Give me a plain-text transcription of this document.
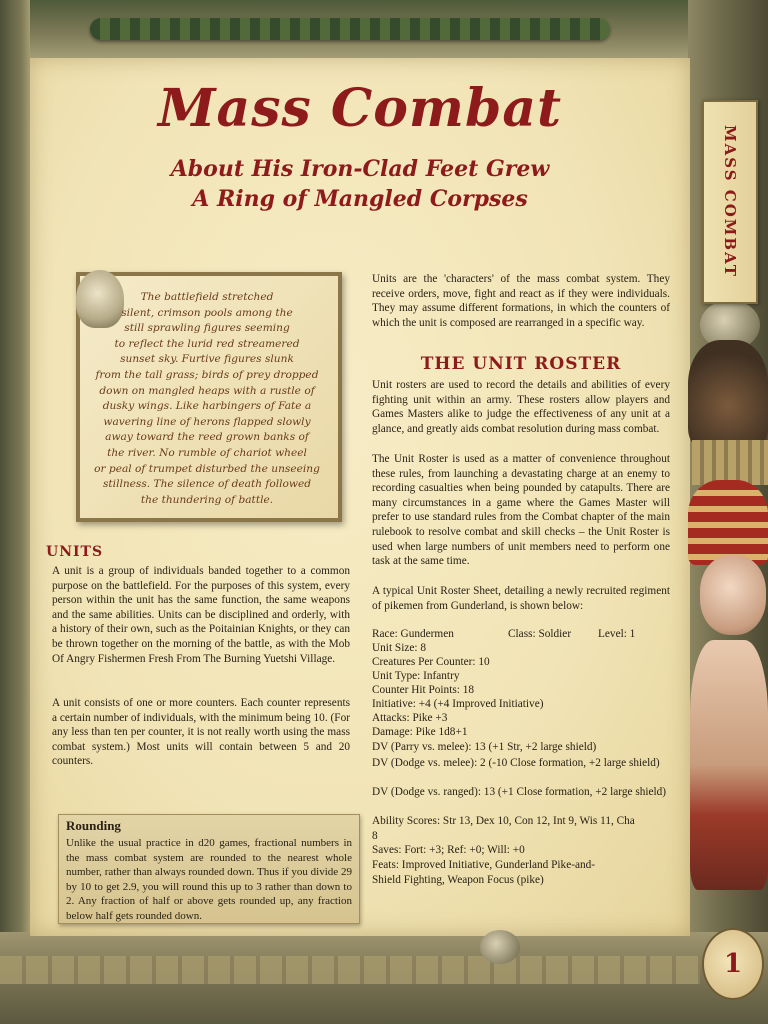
MASS COMBAT
1
Mass Combat
About His Iron-Clad Feet Grew
A Ring of Mangled Corpses
The battlefield stretched
silent, crimson pools among the
still sprawling figures seeming
to reflect the lurid red streamered
sunset sky. Furtive figures slunk
from the tall grass; birds of prey dropped
down on mangled heaps with a rustle of
dusky wings. Like harbingers of Fate a
wavering line of herons flapped slowly
away toward the reed grown banks of
the river. No rumble of chariot wheel
or peal of trumpet disturbed the unseeing
stillness. The silence of death followed
the thundering of battle.
UNITS
A unit is a group of individuals banded together to a common purpose on the battlefield. For the purposes of this system, every person within the unit has the same function, the same weapons and the same abilities. Units can be disciplined and orderly, with a history of their own, such as the Poitainian Knights, or they can be thrown together on the morning of the battle, as with the Mob Of Angry Fishermen Fresh From The Burning Yuetshi Village.
A unit consists of one or more counters. Each counter represents a certain number of individuals, with the minimum being 10. (For any less than ten per counter, it is not really worth using the mass combat system.) Most units will contain between 5 and 20 counters.
Rounding
Unlike the usual practice in d20 games, fractional numbers in the mass combat system are rounded to the nearest whole number, rather than always rounded down. Thus if you divide 29 by 10 to get 2.9, you will round this up to 3 rather than down to 2. Any fraction of half or above gets rounded up, any fraction below half gets rounded down.
Units are the 'characters' of the mass combat system. They receive orders, move, fight and react as if they were individuals. They may assume different formations, in which the counters of which the unit is composed are rearranged in a specific way.
THE UNIT ROSTER
Unit rosters are used to record the details and abilities of every fighting unit within an army. These rosters allow players and Games Masters alike to judge the effectiveness of any unit at a glance, and greatly aids combat resolution during mass combat.
The Unit Roster is used as a matter of convenience throughout these rules, from launching a devastating charge at an enemy to recording casualties when being pounded by catapults. There are many circumstances in a game where the Games Master will prefer to use standard rules from the Combat chapter of the main rulebook to resolve combat and skill checks – the Unit Roster is used when large numbers of unit members need to perform one task at the same time.
A typical Unit Roster Sheet, detailing a newly recruited regiment of pikemen from Gunderland, is shown below:
Race: Gundermen	Class: Soldier Level: 1
Unit Size: 8
Creatures Per Counter: 10
Unit Type: Infantry
Counter Hit Points: 18
Initiative: +4 (+4 Improved Initiative)
Attacks: Pike +3
Damage: Pike 1d8+1
DV (Parry vs. melee): 13 (+1 Str, +2 large shield)
DV (Dodge vs. melee): 2 (-10 Close formation, +2 large shield)
DV (Dodge vs. ranged): 13 (+1 Close formation, +2 large shield)
Ability Scores: Str 13, Dex 10, Con 12, Int 9, Wis 11, Cha 8
Saves: Fort: +3; Ref: +0; Will: +0
Feats: Improved Initiative, Gunderland Pike-and-Shield Fighting, Weapon Focus (pike)
